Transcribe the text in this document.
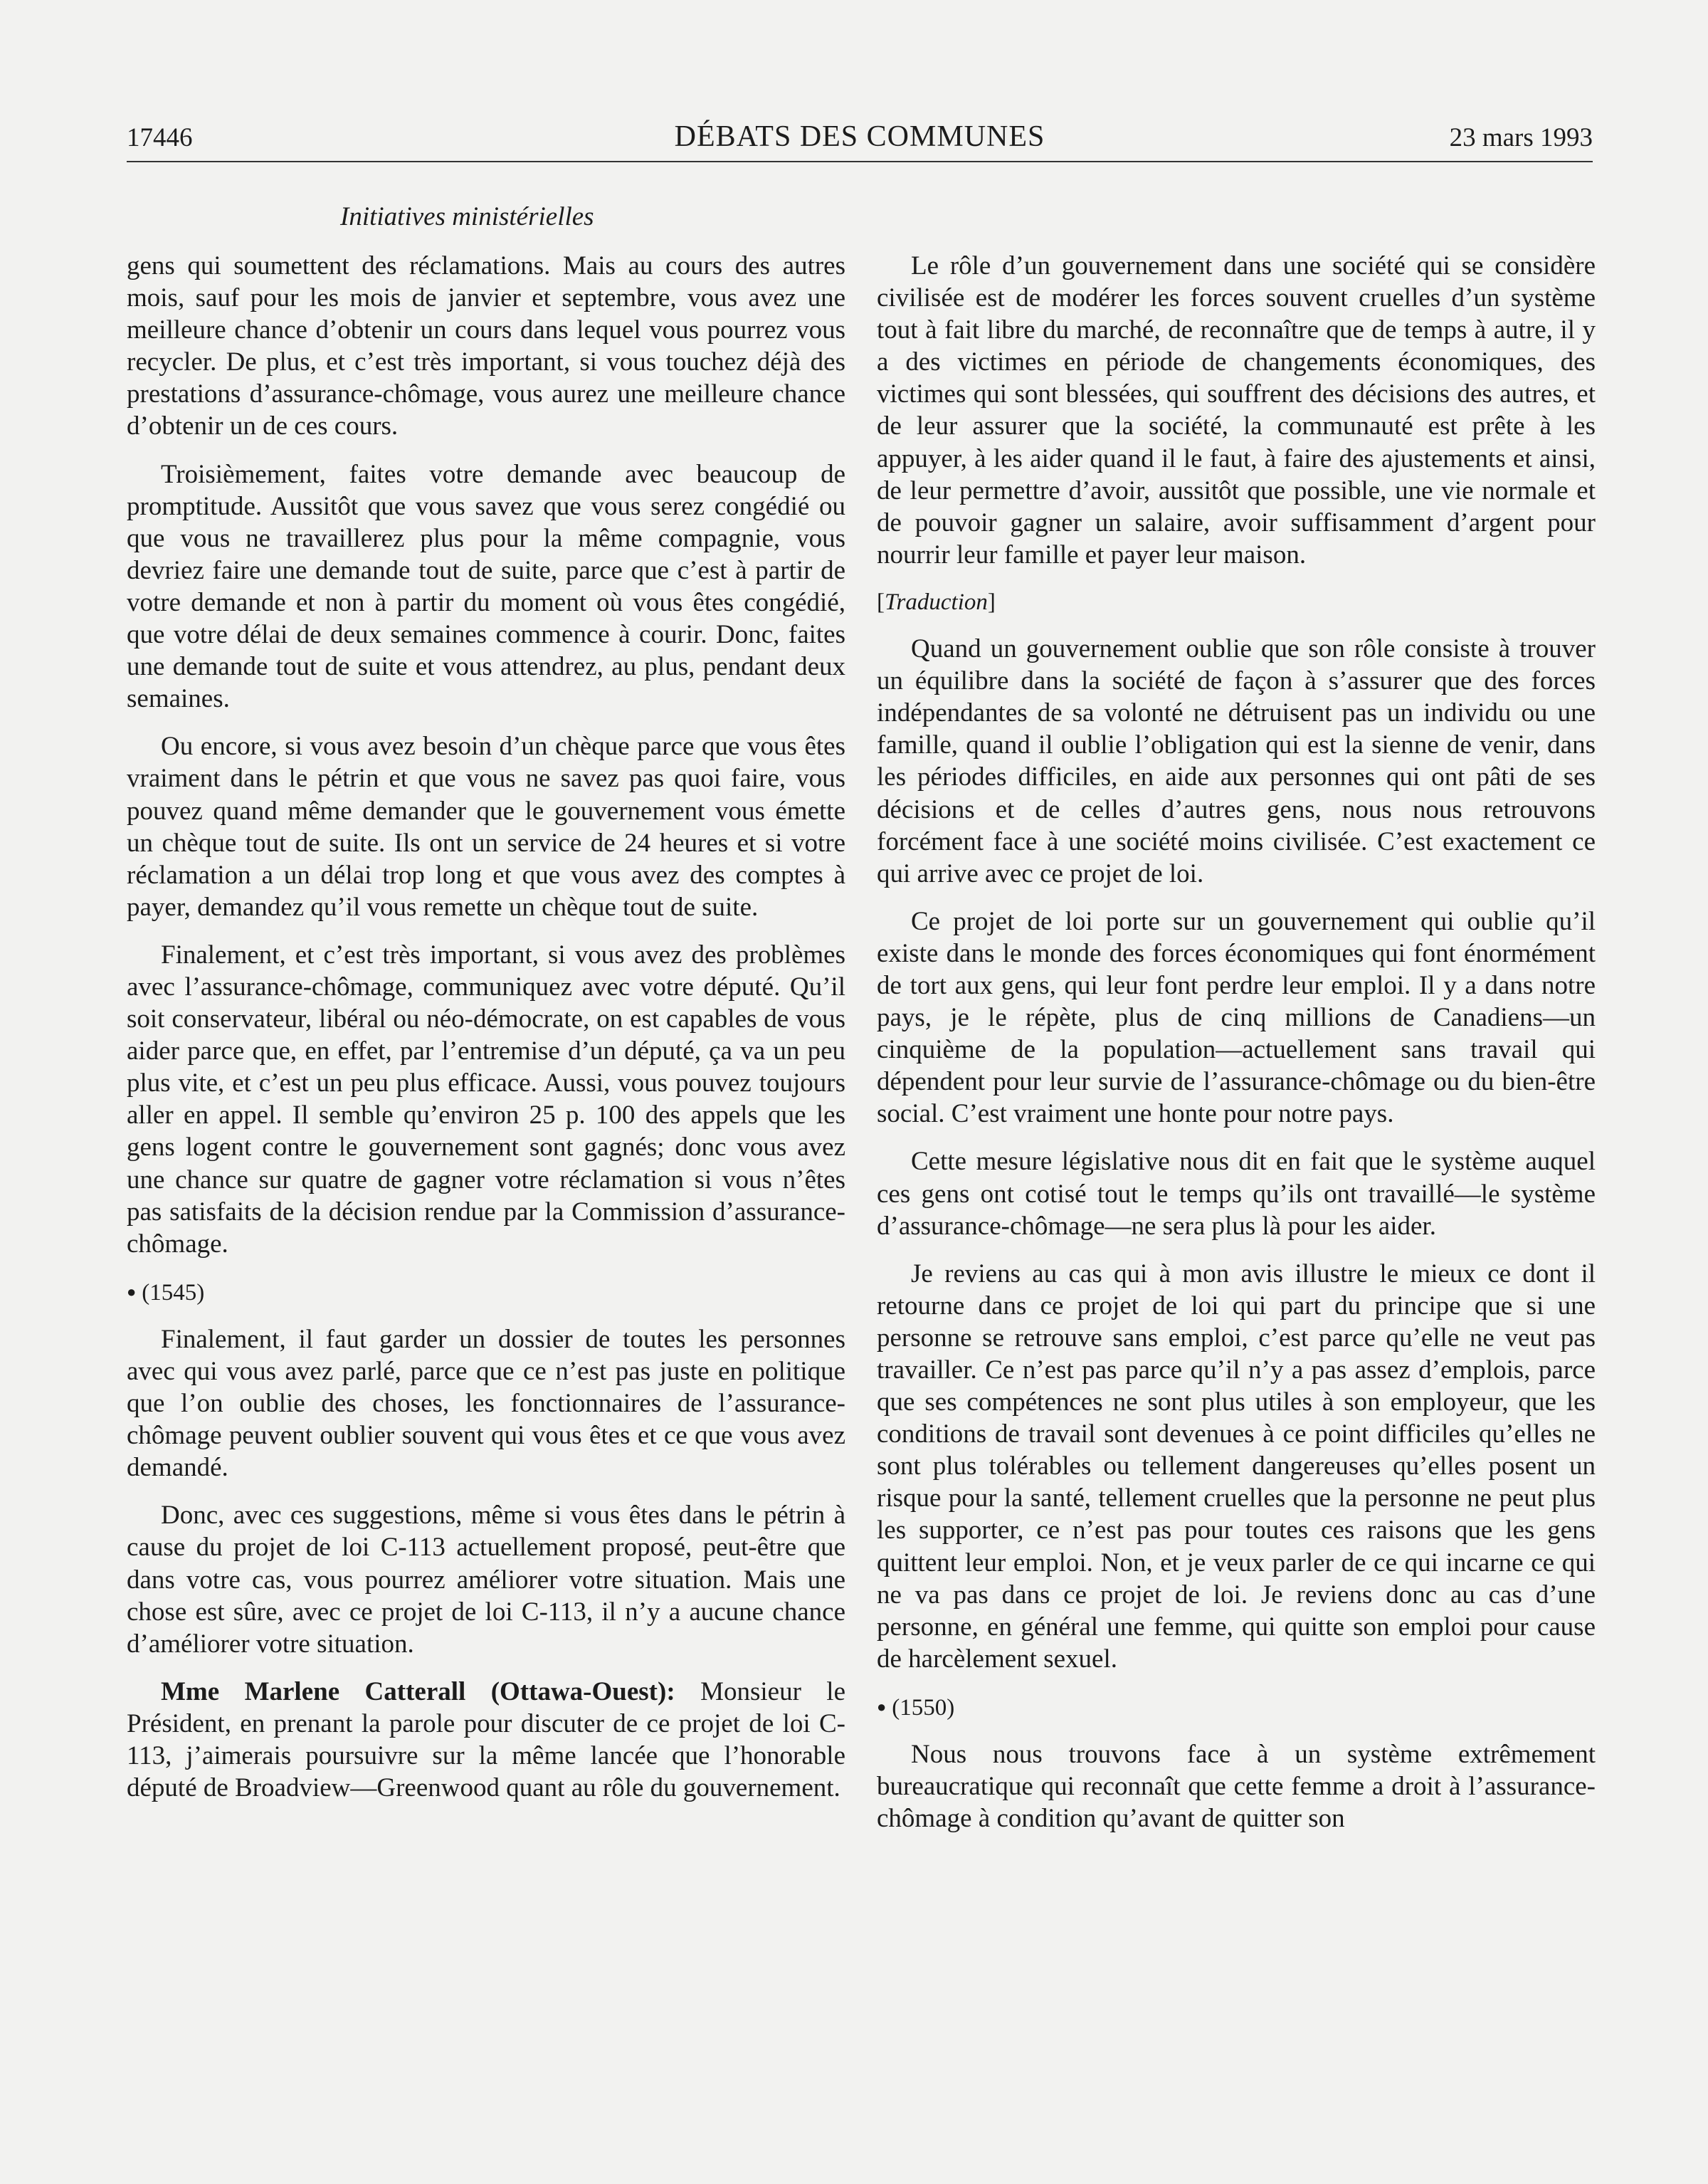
17446	DÉBATS DES COMMUNES	23 mars 1993
Initiatives ministérielles

gens qui soumettent des réclamations. Mais au cours des autres mois, sauf pour les mois de janvier et septembre, vous avez une meilleure chance d’obtenir un cours dans lequel vous pourrez vous recycler. De plus, et c’est très important, si vous touchez déjà des prestations d’assurance-chômage, vous aurez une meilleure chance d’obtenir un de ces cours.

Troisièmement, faites votre demande avec beaucoup de promptitude. Aussitôt que vous savez que vous serez congédié ou que vous ne travaillerez plus pour la même compagnie, vous devriez faire une demande tout de suite, parce que c’est à partir de votre demande et non à partir du moment où vous êtes congédié, que votre délai de deux semaines commence à courir. Donc, faites une demande tout de suite et vous attendrez, au plus, pendant deux semaines.

Ou encore, si vous avez besoin d’un chèque parce que vous êtes vraiment dans le pétrin et que vous ne savez pas quoi faire, vous pouvez quand même demander que le gouvernement vous émette un chèque tout de suite. Ils ont un service de 24 heures et si votre réclamation a un délai trop long et que vous avez des comptes à payer, demandez qu’il vous remette un chèque tout de suite.

Finalement, et c’est très important, si vous avez des problèmes avec l’assurance-chômage, communiquez avec votre député. Qu’il soit conservateur, libéral ou néo-démocrate, on est capables de vous aider parce que, en effet, par l’entremise d’un député, ça va un peu plus vite, et c’est un peu plus efficace. Aussi, vous pouvez toujours aller en appel. Il semble qu’environ 25 p. 100 des appels que les gens logent contre le gouvernement sont gagnés; donc vous avez une chance sur quatre de gagner votre réclamation si vous n’êtes pas satisfaits de la décision rendue par la Commission d’assurance-chômage.

● (1545)

Finalement, il faut garder un dossier de toutes les personnes avec qui vous avez parlé, parce que ce n’est pas juste en politique que l’on oublie des choses, les fonctionnaires de l’assurance-chômage peuvent oublier souvent qui vous êtes et ce que vous avez demandé.

Donc, avec ces suggestions, même si vous êtes dans le pétrin à cause du projet de loi C-113 actuellement proposé, peut-être que dans votre cas, vous pourrez améliorer votre situation. Mais une chose est sûre, avec ce projet de loi C-113, il n’y a aucune chance d’améliorer votre situation.

Mme Marlene Catterall (Ottawa-Ouest): Monsieur le Président, en prenant la parole pour discuter de ce projet de loi C-113, j’aimerais poursuivre sur la même lancée que l’honorable député de Broadview—Greenwood quant au rôle du gouvernement.

Le rôle d’un gouvernement dans une société qui se considère civilisée est de modérer les forces souvent cruelles d’un système tout à fait libre du marché, de reconnaître que de temps à autre, il y a des victimes en période de changements économiques, des victimes qui sont blessées, qui souffrent des décisions des autres, et de leur assurer que la société, la communauté est prête à les appuyer, à les aider quand il le faut, à faire des ajustements et ainsi, de leur permettre d’avoir, aussitôt que possible, une vie normale et de pouvoir gagner un salaire, avoir suffisamment d’argent pour nourrir leur famille et payer leur maison.

[Traduction]

Quand un gouvernement oublie que son rôle consiste à trouver un équilibre dans la société de façon à s’assurer que des forces indépendantes de sa volonté ne détruisent pas un individu ou une famille, quand il oublie l’obligation qui est la sienne de venir, dans les périodes difficiles, en aide aux personnes qui ont pâti de ses décisions et de celles d’autres gens, nous nous retrouvons forcément face à une société moins civilisée. C’est exactement ce qui arrive avec ce projet de loi.

Ce projet de loi porte sur un gouvernement qui oublie qu’il existe dans le monde des forces économiques qui font énormément de tort aux gens, qui leur font perdre leur emploi. Il y a dans notre pays, je le répète, plus de cinq millions de Canadiens—un cinquième de la population—actuellement sans travail qui dépendent pour leur survie de l’assurance-chômage ou du bien-être social. C’est vraiment une honte pour notre pays.

Cette mesure législative nous dit en fait que le système auquel ces gens ont cotisé tout le temps qu’ils ont travaillé—le système d’assurance-chômage—ne sera plus là pour les aider.

Je reviens au cas qui à mon avis illustre le mieux ce dont il retourne dans ce projet de loi qui part du principe que si une personne se retrouve sans emploi, c’est parce qu’elle ne veut pas travailler. Ce n’est pas parce qu’il n’y a pas assez d’emplois, parce que ses compétences ne sont plus utiles à son employeur, que les conditions de travail sont devenues à ce point difficiles qu’elles ne sont plus tolérables ou tellement dangereuses qu’elles posent un risque pour la santé, tellement cruelles que la personne ne peut plus les supporter, ce n’est pas pour toutes ces raisons que les gens quittent leur emploi. Non, et je veux parler de ce qui incarne ce qui ne va pas dans ce projet de loi. Je reviens donc au cas d’une personne, en général une femme, qui quitte son emploi pour cause de harcèlement sexuel.

● (1550)

Nous nous trouvons face à un système extrêmement bureaucratique qui reconnaît que cette femme a droit à l’assurance-chômage à condition qu’avant de quitter son
